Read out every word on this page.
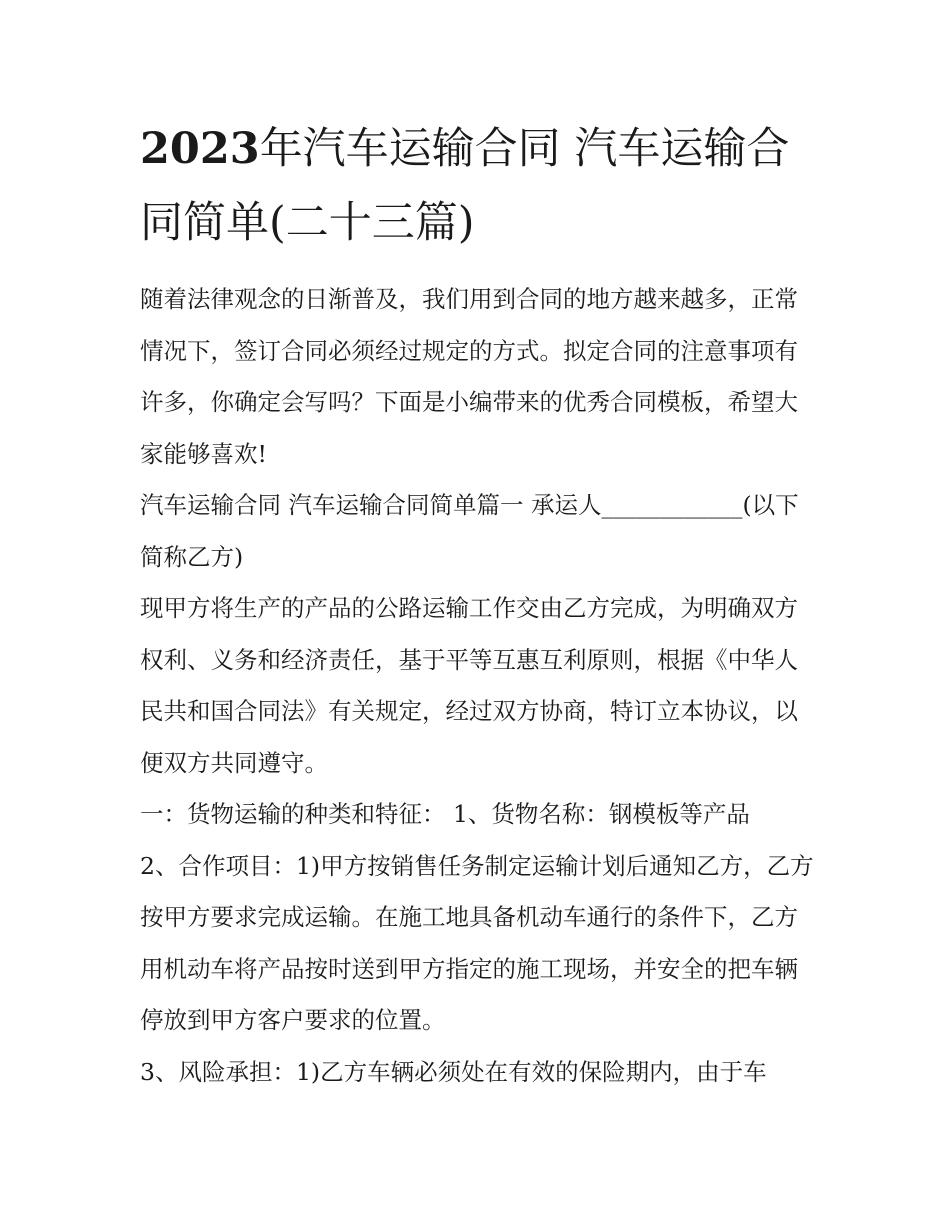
2023年汽车运输合同 汽车运输合同简单(二十三篇)

随着法律观念的日渐普及，我们用到合同的地方越来越多，正常情况下，签订合同必须经过规定的方式。拟定合同的注意事项有许多，你确定会写吗？下面是小编带来的优秀合同模板，希望大家能够喜欢!

汽车运输合同 汽车运输合同简单篇一 承运人____________(以下简称乙方)

现甲方将生产的产品的公路运输工作交由乙方完成，为明确双方权利、义务和经济责任，基于平等互惠互利原则，根据《中华人民共和国合同法》有关规定，经过双方协商，特订立本协议，以便双方共同遵守。

一：货物运输的种类和特征： 1、货物名称：钢模板等产品

2、合作项目：1)甲方按销售任务制定运输计划后通知乙方，乙方按甲方要求完成运输。在施工地具备机动车通行的条件下，乙方用机动车将产品按时送到甲方指定的施工现场，并安全的把车辆停放到甲方客户要求的位置。

3、风险承担：1)乙方车辆必须处在有效的保险期内，由于车
